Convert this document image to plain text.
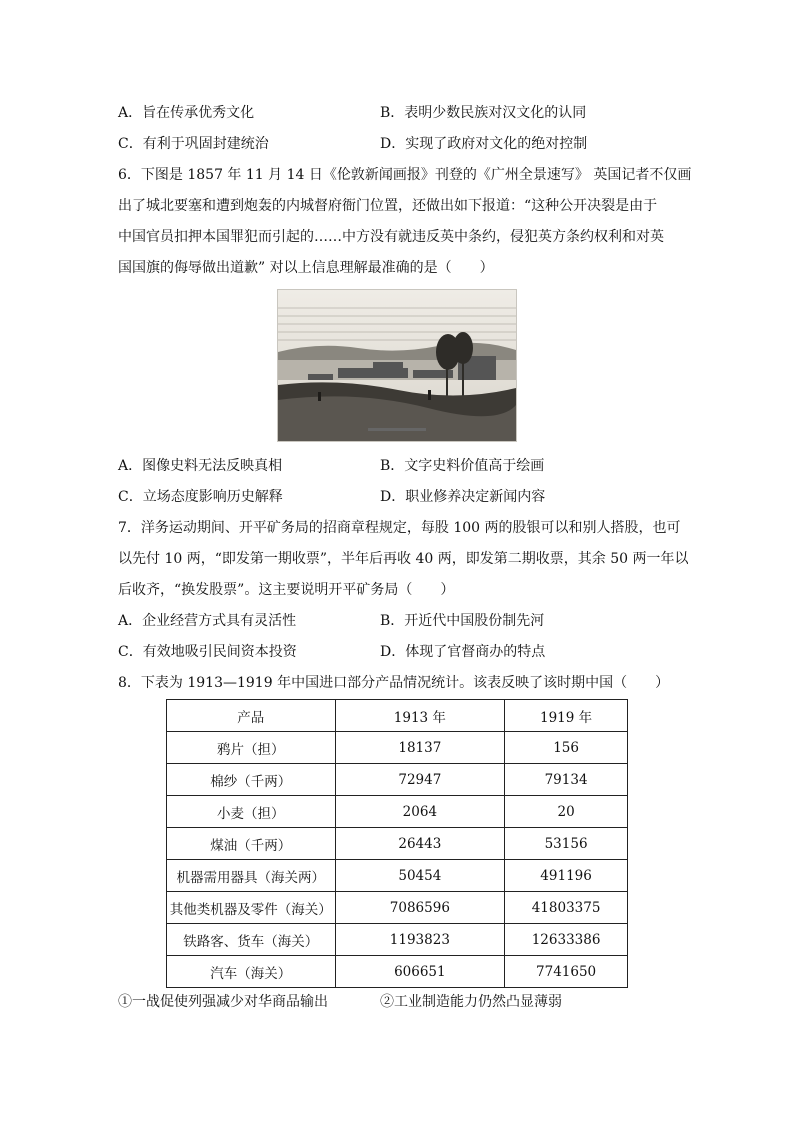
A．旨在传承优秀文化	B．表明少数民族对汉文化的认同
C．有利于巩固封建统治	D．实现了政府对文化的绝对控制
6．下图是 1857 年 11 月 14 日《伦敦新闻画报》刊登的《广州全景速写》 英国记者不仅画
出了城北要塞和遭到炮轰的内城督府衙门位置，还做出如下报道：“这种公开决裂是由于
中国官员扣押本国罪犯而引起的……中方没有就违反英中条约，侵犯英方条约权利和对英
国国旗的侮辱做出道歉” 对以上信息理解最准确的是（　　）
A．图像史料无法反映真相	B．文字史料价值高于绘画
C．立场态度影响历史解释	D．职业修养决定新闻内容
7．洋务运动期间、开平矿务局的招商章程规定，每股 100 两的股银可以和别人搭股，也可
以先付 10 两，“即发第一期收票”，半年后再收 40 两，即发第二期收票，其余 50 两一年以
后收齐，“换发股票”。这主要说明开平矿务局（　　）
A．企业经营方式具有灵活性	B．开近代中国股份制先河
C．有效地吸引民间资本投资	D．体现了官督商办的特点
8．下表为 1913—1919 年中国进口部分产品情况统计。该表反映了该时期中国（　　）
产品	1913 年	1919 年
鸦片（担）	18137	156
棉纱（千两）	72947	79134
小麦（担）	2064	20
煤油（千两）	26443	53156
机器需用器具（海关两）	50454	491196
其他类机器及零件（海关）	7086596	41803375
铁路客、货车（海关）	1193823	12633386
汽车（海关）	606651	7741650
①一战促使列强减少对华商品输出	②工业制造能力仍然凸显薄弱
